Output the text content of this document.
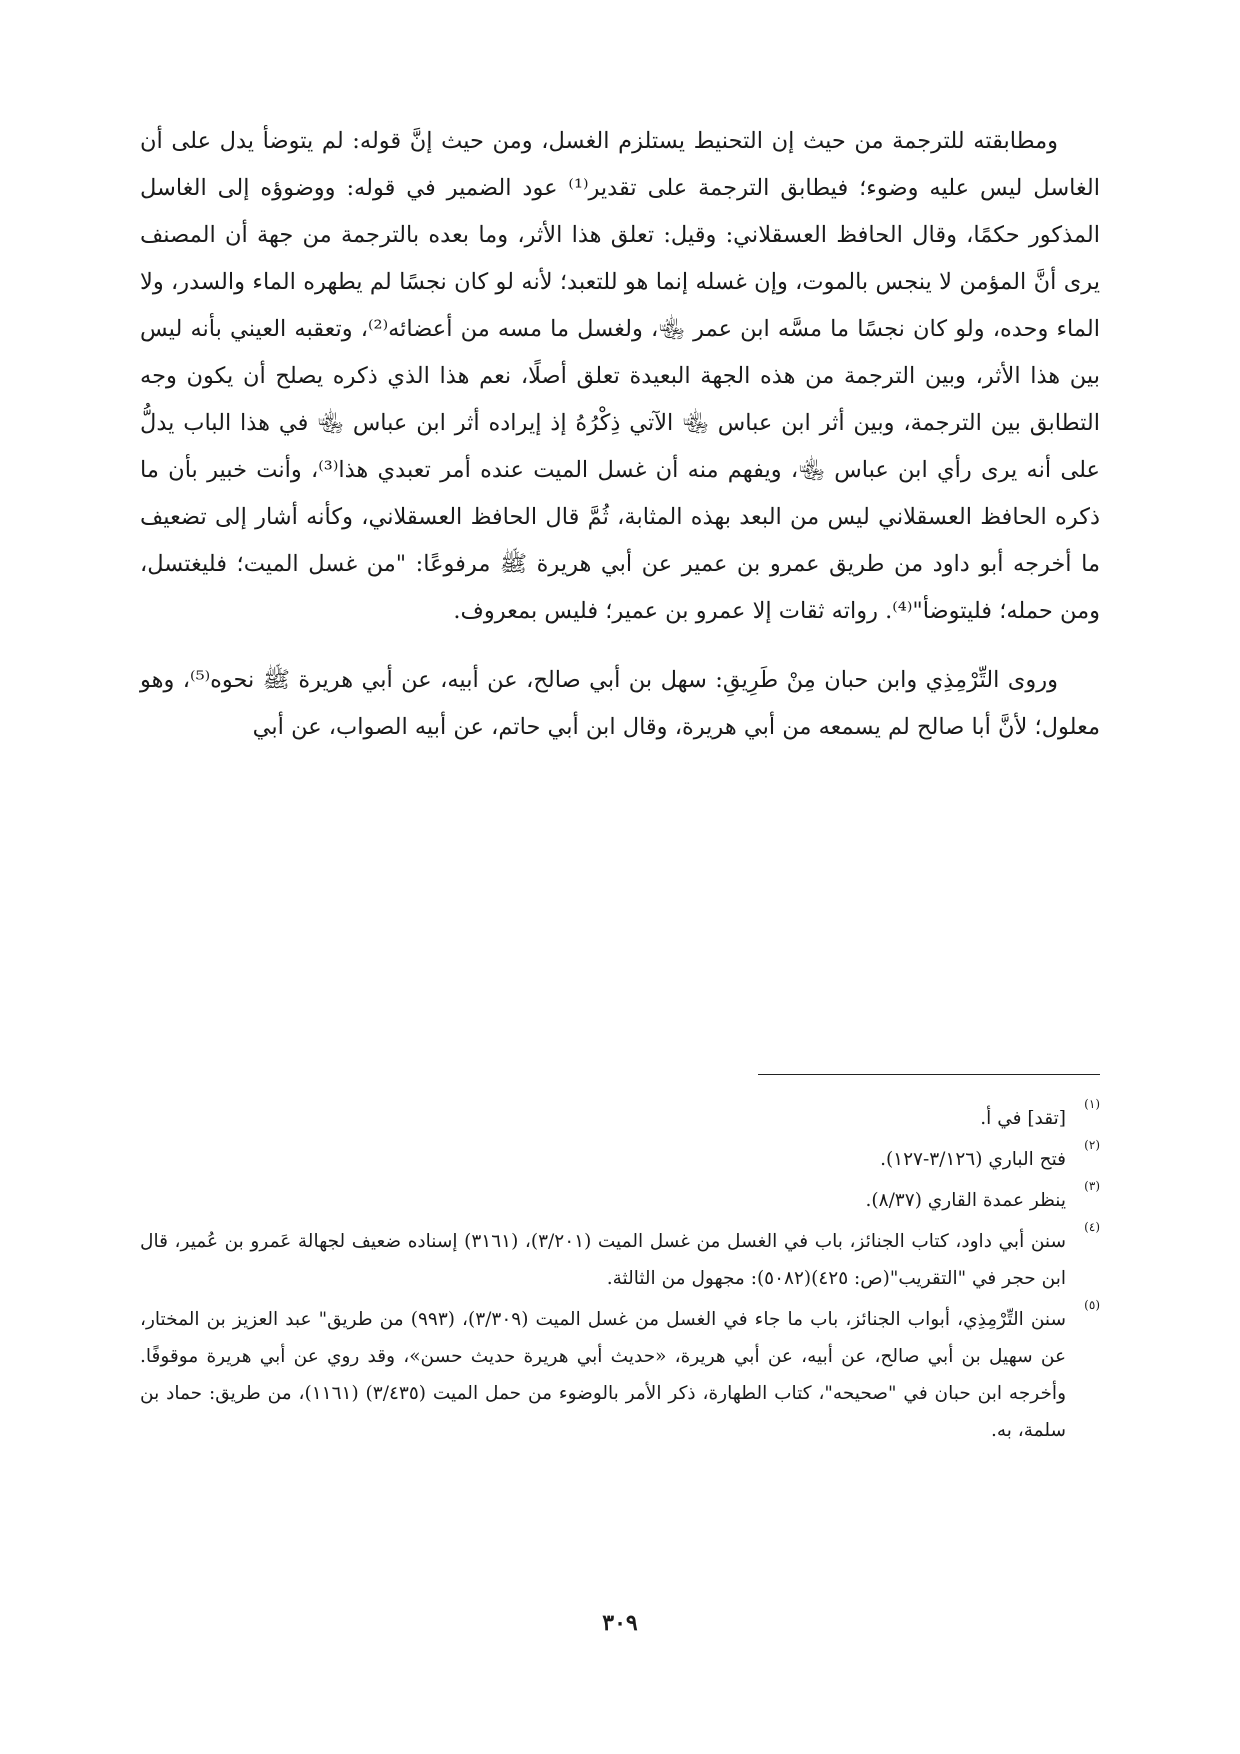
ومطابقته للترجمة من حيث إن التحنيط يستلزم الغسل، ومن حيث إنَّ قوله: لم يتوضأ يدل على أن الغاسل ليس عليه وضوء؛ فيطابق الترجمة على تقدير⁽¹⁾ عود الضمير في قوله: ووضوؤه إلى الغاسل المذكور حكمًا، وقال الحافظ العسقلاني: وقيل: تعلق هذا الأثر، وما بعده بالترجمة من جهة أن المصنف يرى أنَّ المؤمن لا ينجس بالموت، وإن غسله إنما هو للتعبد؛ لأنه لو كان نجسًا لم يطهره الماء والسدر، ولا الماء وحده، ولو كان نجسًا ما مسَّه ابن عمر ﵄، ولغسل ما مسه من أعضائه⁽²⁾، وتعقبه العيني بأنه ليس بين هذا الأثر، وبين الترجمة من هذه الجهة البعيدة تعلق أصلًا، نعم هذا الذي ذكره يصلح أن يكون وجه التطابق بين الترجمة، وبين أثر ابن عباس ﵄ الآتي ذِكْرُهُ إذ إيراده أثر ابن عباس ﵄ في هذا الباب يدلُّ على أنه يرى رأي ابن عباس ﵄، ويفهم منه أن غسل الميت عنده أمر تعبدي هذا⁽³⁾، وأنت خبير بأن ما ذكره الحافظ العسقلاني ليس من البعد بهذه المثابة، ثُمَّ قال الحافظ العسقلاني، وكأنه أشار إلى تضعيف ما أخرجه أبو داود من طريق عمرو بن عمير عن أبي هريرة ﷺ مرفوعًا: "من غسل الميت؛ فليغتسل، ومن حمله؛ فليتوضأ"⁽⁴⁾. رواته ثقات إلا عمرو بن عمير؛ فليس بمعروف.

وروى التِّرْمِذِي وابن حبان مِنْ طَرِيقِ: سهل بن أبي صالح، عن أبيه، عن أبي هريرة ﷺ نحوه⁽⁵⁾، وهو معلول؛ لأنَّ أبا صالح لم يسمعه من أبي هريرة، وقال ابن أبي حاتم، عن أبيه الصواب، عن أبي

(١)
[تقد] في أ.
(٢)
فتح الباري (٣/١٢٦-١٢٧).
(٣)
ينظر عمدة القاري (٨/٣٧).
(٤)
سنن أبي داود، كتاب الجنائز، باب في الغسل من غسل الميت (٣/٢٠١)، (٣١٦١) إسناده ضعيف لجهالة عَمرو بن عُمير، قال ابن حجر في "التقريب"(ص: ٤٢٥)(٥٠٨٢): مجهول من الثالثة.
(٥)
سنن التِّرْمِذِي، أبواب الجنائز، باب ما جاء في الغسل من غسل الميت (٣/٣٠٩)، (٩٩٣) من طريق" عبد العزيز بن المختار، عن سهيل بن أبي صالح، عن أبيه، عن أبي هريرة، «حديث أبي هريرة حديث حسن»، وقد روي عن أبي هريرة موقوفًا. وأخرجه ابن حبان في "صحيحه"، كتاب الطهارة، ذكر الأمر بالوضوء من حمل الميت (٣/٤٣٥) (١١٦١)، من طريق: حماد بن سلمة، به.
٣٠٩
